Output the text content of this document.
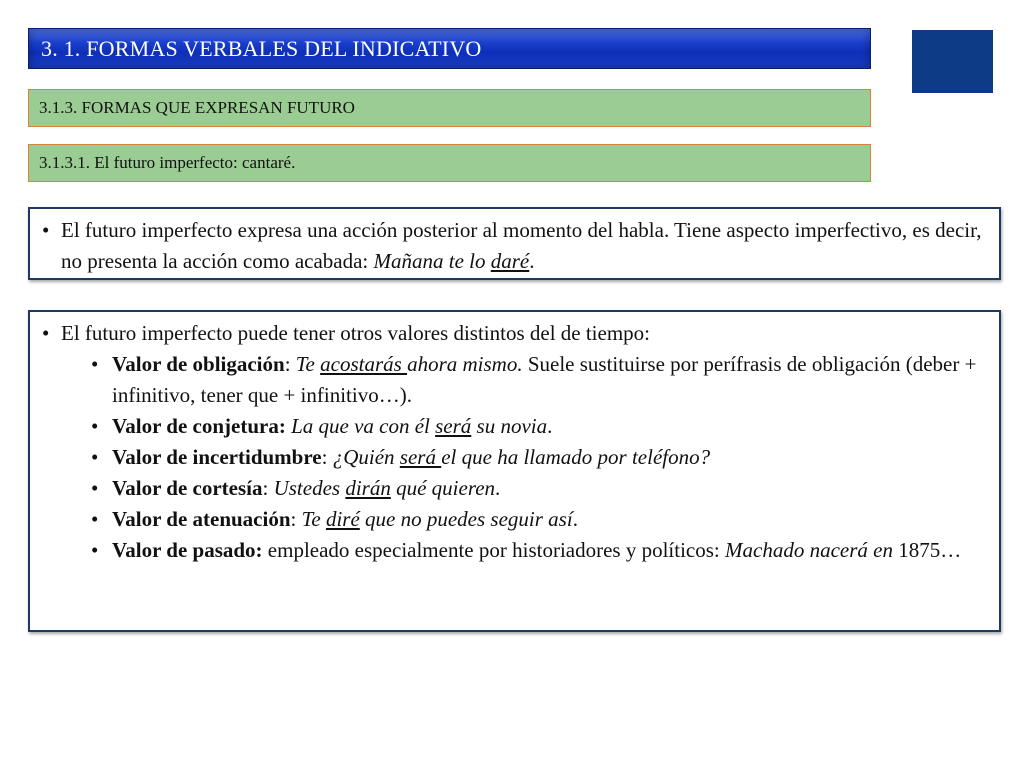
3. 1. FORMAS VERBALES DEL INDICATIVO
3.1.3. FORMAS QUE EXPRESAN FUTURO
3.1.3.1. El futuro imperfecto: cantaré.
• El futuro imperfecto expresa una acción posterior al momento del habla. Tiene aspecto imperfectivo, es decir, no presenta la acción como acabada: Mañana te lo daré.
• El futuro imperfecto puede tener otros valores distintos del de tiempo:
• Valor de obligación: Te acostarás ahora mismo. Suele sustituirse por perífrasis de obligación (deber + infinitivo, tener que + infinitivo…).
• Valor de conjetura: La que va con él será su novia.
• Valor de incertidumbre: ¿Quién será el que ha llamado por teléfono?
• Valor de cortesía: Ustedes dirán qué quieren.
• Valor de atenuación: Te diré que no puedes seguir así.
• Valor de pasado: empleado especialmente por historiadores y políticos: Machado nacerá en 1875…
